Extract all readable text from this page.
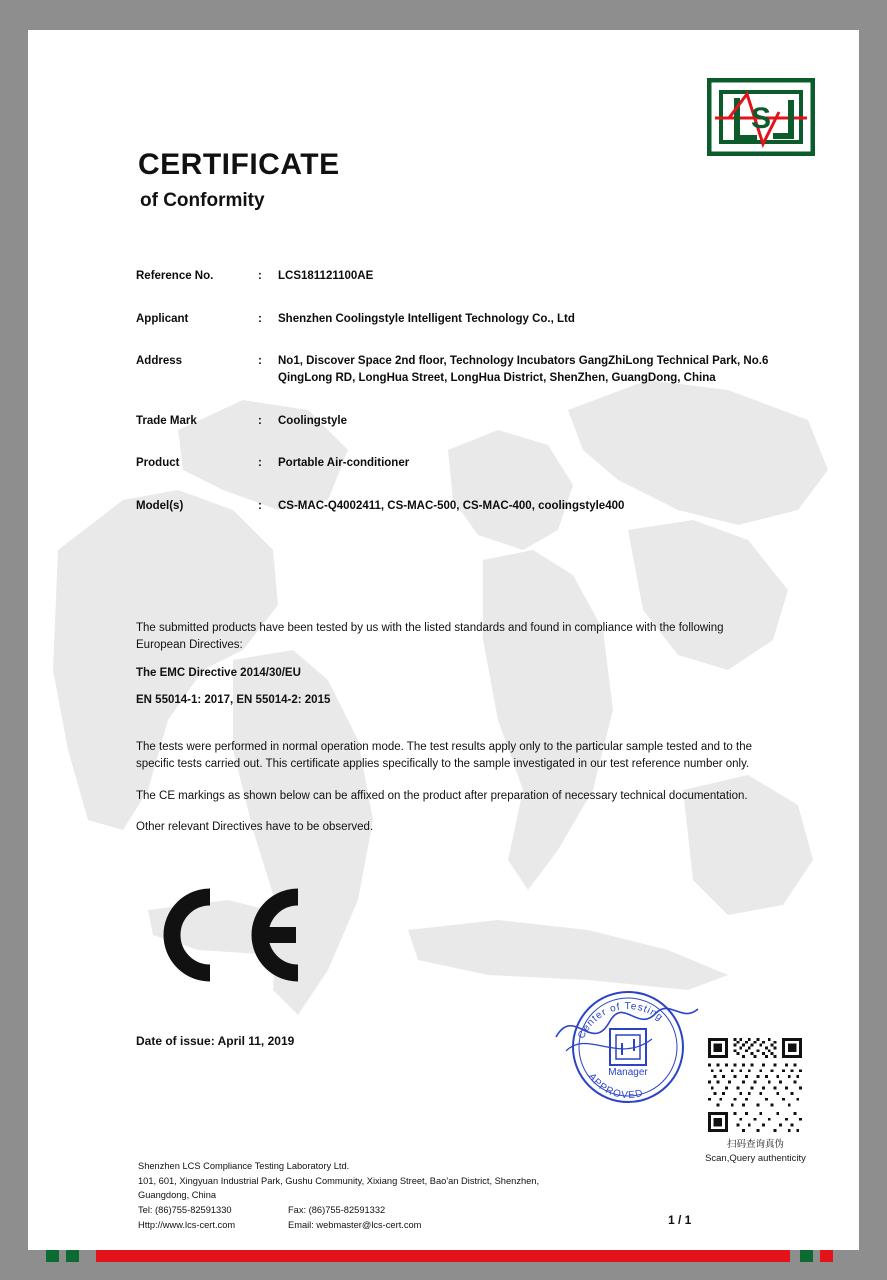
S
CERTIFICATE
of Conformity
Reference No.	:	LCS181121100AE
Applicant	:	Shenzhen Coolingstyle Intelligent Technology Co., Ltd
Address	:	No1, Discover Space 2nd floor, Technology Incubators GangZhiLong Technical Park, No.6 QingLong RD, LongHua Street, LongHua District, ShenZhen, GuangDong, China
Trade Mark	:	Coolingstyle
Product	:	Portable Air-conditioner
Model(s)	:	CS-MAC-Q4002411, CS-MAC-500, CS-MAC-400, coolingstyle400
The submitted products have been tested by us with the listed standards and found in compliance with the following European Directives:
The EMC Directive 2014/30/EU
EN 55014-1: 2017, EN 55014-2: 2015
The tests were performed in normal operation mode. The test results apply only to the particular sample tested and to the specific tests carried out. This certificate applies specifically to the sample investigated in our test reference number only.
The CE markings as shown below can be affixed on the product after preparation of necessary technical documentation.
Other relevant Directives have to be observed.
Date of issue: April 11, 2019	Center of Testing
APPROVED
Manager
扫码查询真伪
Scan,Query authenticity
Shenzhen LCS Compliance Testing Laboratory Ltd.
101, 601, Xingyuan Industrial Park, Gushu Community, Xixiang Street, Bao'an District, Shenzhen,
Guangdong, China
Tel: (86)755-82591330	Fax: (86)755-82591332
Http://www.lcs-cert.com	Email: webmaster@lcs-cert.com	1 / 1
